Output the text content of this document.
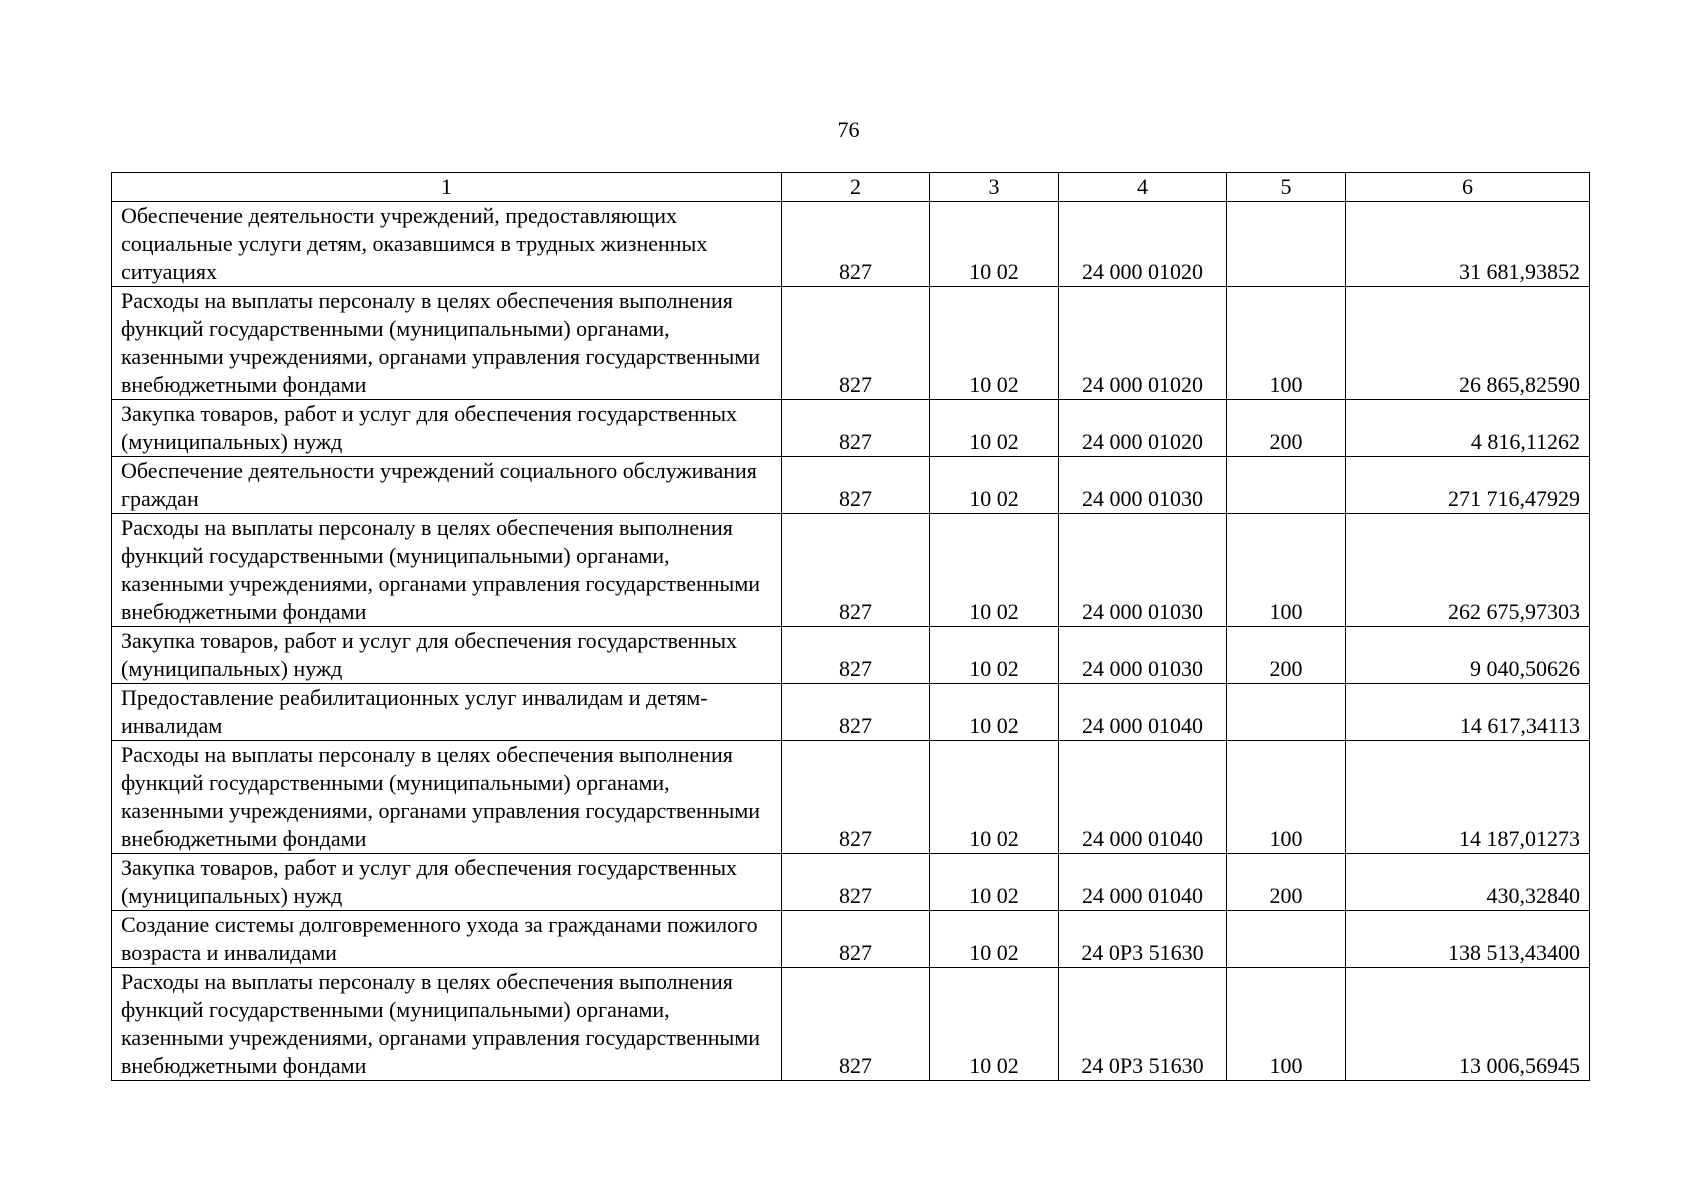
76
1	2	3	4	5	6
Обеспечение деятельности учреждений, предоставляющих социальные услуги детям, оказавшимся в трудных жизненных ситуациях	827	10 02	24 000 01020		31 681,93852
Расходы на выплаты персоналу в целях обеспечения выполнения функций государственными (муниципальными) органами, казенными учреждениями, органами управления государственными внебюджетными фондами	827	10 02	24 000 01020	100	26 865,82590
Закупка товаров, работ и услуг для обеспечения государственных (муниципальных) нужд	827	10 02	24 000 01020	200	4 816,11262
Обеспечение деятельности учреждений социального обслуживания граждан	827	10 02	24 000 01030		271 716,47929
Расходы на выплаты персоналу в целях обеспечения выполнения функций государственными (муниципальными) органами, казенными учреждениями, органами управления государственными внебюджетными фондами	827	10 02	24 000 01030	100	262 675,97303
Закупка товаров, работ и услуг для обеспечения государственных (муниципальных) нужд	827	10 02	24 000 01030	200	9 040,50626
Предоставление реабилитационных услуг инвалидам и детям-инвалидам	827	10 02	24 000 01040		14 617,34113
Расходы на выплаты персоналу в целях обеспечения выполнения функций государственными (муниципальными) органами, казенными учреждениями, органами управления государственными внебюджетными фондами	827	10 02	24 000 01040	100	14 187,01273
Закупка товаров, работ и услуг для обеспечения государственных (муниципальных) нужд	827	10 02	24 000 01040	200	430,32840
Создание системы долговременного ухода за гражданами пожилого возраста и инвалидами	827	10 02	24 0Р3 51630		138 513,43400
Расходы на выплаты персоналу в целях обеспечения выполнения функций государственными (муниципальными) органами, казенными учреждениями, органами управления государственными внебюджетными фондами	827	10 02	24 0Р3 51630	100	13 006,56945
